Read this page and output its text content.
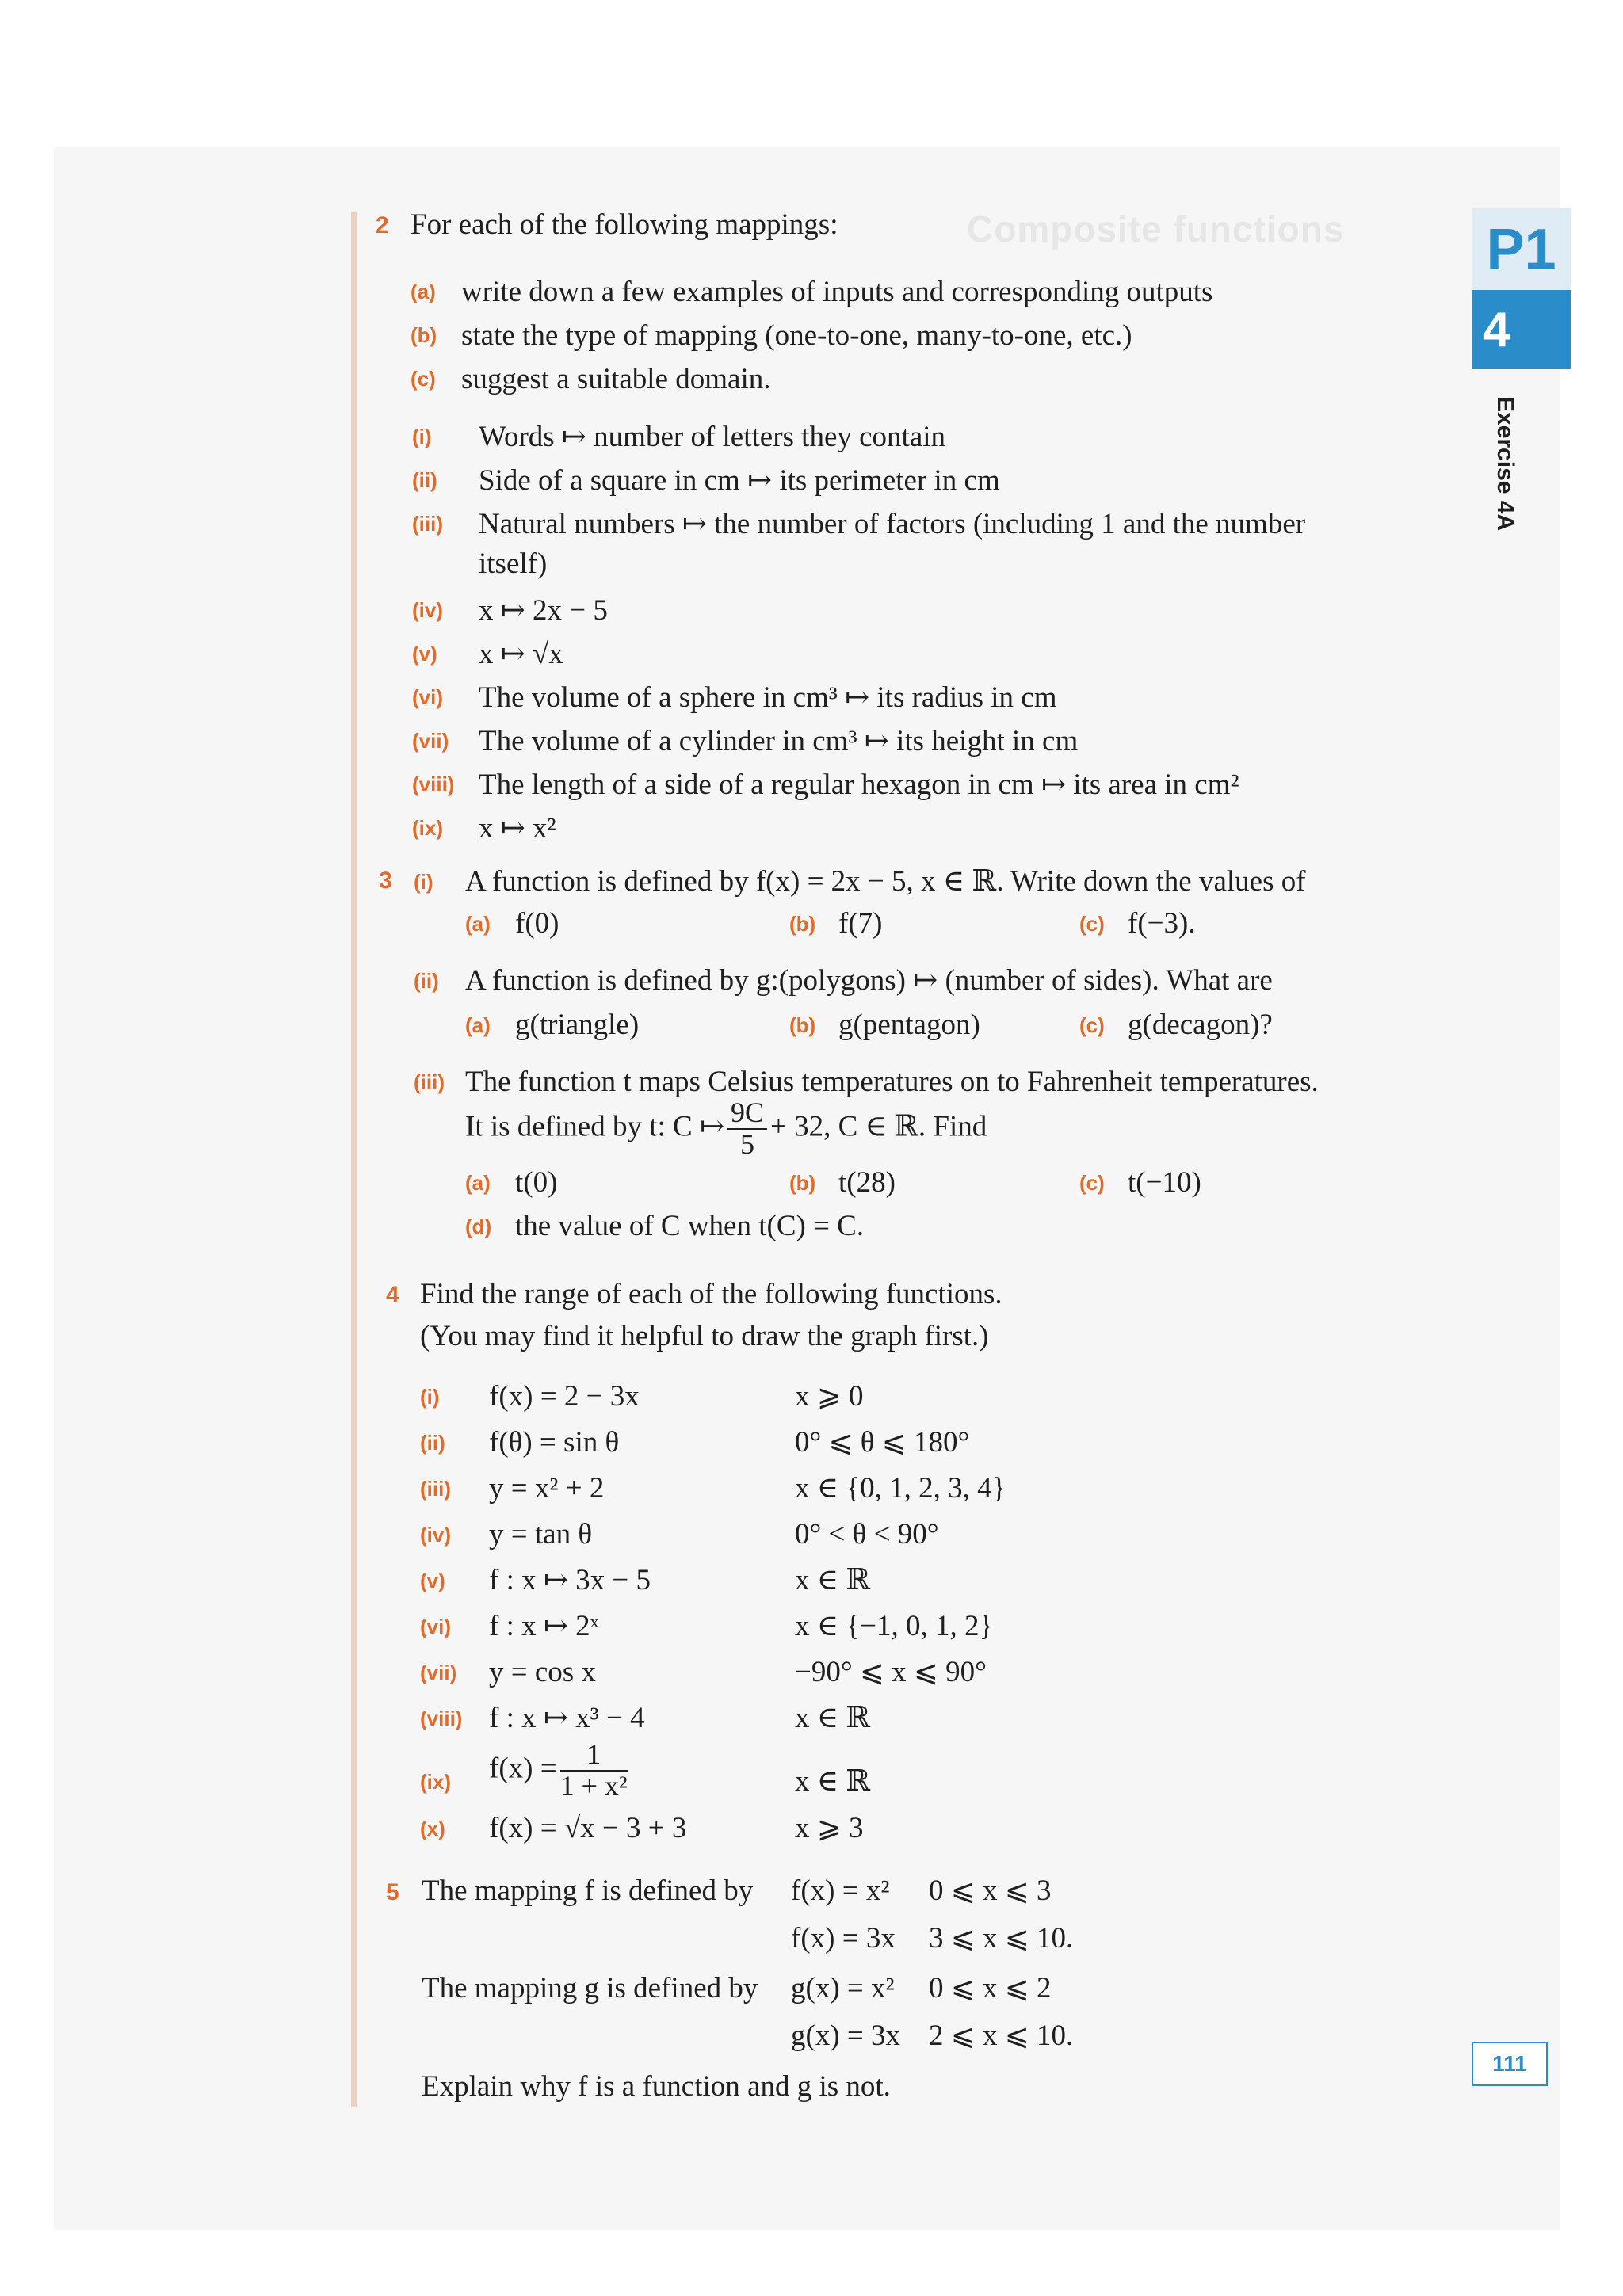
Composite functions P1
4
Exercise 4A
111
2 For each of the following mappings:
(a) write down a few examples of inputs and corresponding outputs
(b) state the type of mapping (one-to-one, many-to-one, etc.)
(c) suggest a suitable domain.
(i) Words ↦ number of letters they contain
(ii) Side of a square in cm ↦ its perimeter in cm
(iii) Natural numbers ↦ the number of factors (including 1 and the number
itself)
(iv) x ↦ 2x − 5
(v) x ↦ √x
(vi) The volume of a sphere in cm³ ↦ its radius in cm
(vii) The volume of a cylinder in cm³ ↦ its height in cm
(viii) The length of a side of a regular hexagon in cm ↦ its area in cm²
(ix) x ↦ x²
3 (i) A function is defined by f(x) = 2x − 5, x ∈ ℝ. Write down the values of
(a) f(0)	(b) f(7)	(c) f(−3).
(ii) A function is defined by g:(polygons) ↦ (number of sides). What are
(a) g(triangle)	(b) g(pentagon)	(c) g(decagon)?
(iii) The function t maps Celsius temperatures on to Fahrenheit temperatures.
It is defined by t: C ↦ $\frac{9C}{5} + 32$, C ∈ ℝ. Find
(a) t(0)	(b) t(28)	(c) t(−10)
(d) the value of C when t(C) = C.
4 Find the range of each of the following functions.
(You may find it helpful to draw the graph first.)
(i) f(x) = 2 − 3x	x ⩾ 0
(ii) f(θ) = sin θ	0° ⩽ θ ⩽ 180°
(iii) y = x² + 2	x ∈ {0, 1, 2, 3, 4}
(iv) y = tan θ	0° < θ < 90°
(v) f : x ↦ 3x − 5	x ∈ ℝ
(vi) f : x ↦ 2ˣ	x ∈ {−1, 0, 1, 2}
(vii) y = cos x	−90° ⩽ x ⩽ 90°
(viii) f : x ↦ x³ − 4	x ∈ ℝ
(ix) $f(x) = \frac{1}{\text{1 + x²}}$	x ∈ ℝ
(x) f(x) = √x − 3 + 3	x ⩾ 3
5 The mapping f is defined by f(x) = x² 0 ⩽ x ⩽ 3
f(x) = 3x 3 ⩽ x ⩽ 10.
The mapping g is defined by g(x) = x² 0 ⩽ x ⩽ 2
g(x) = 3x 2 ⩽ x ⩽ 10.
Explain why f is a function and g is not.
